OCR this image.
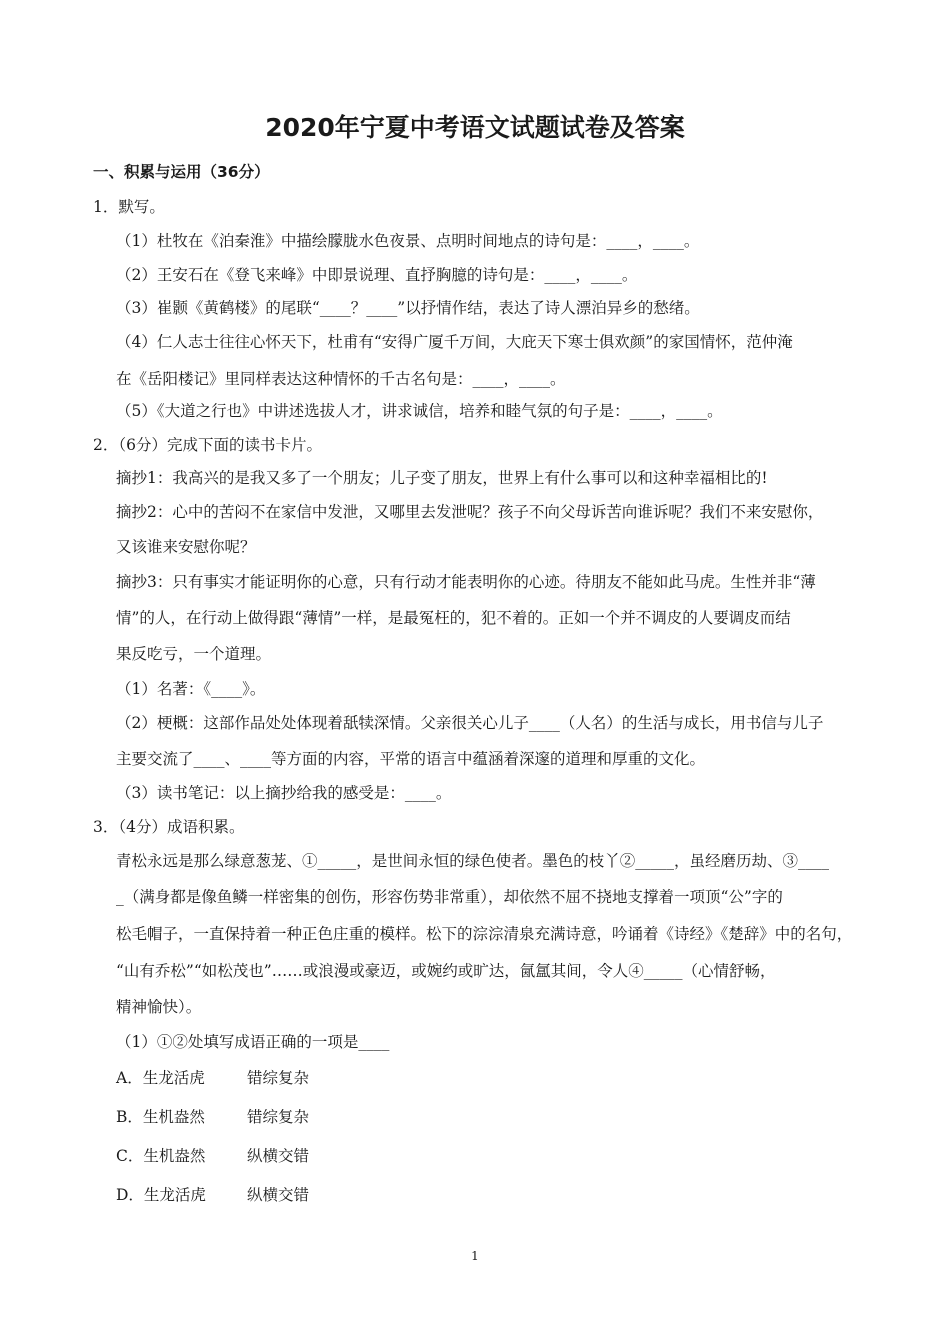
2020年宁夏中考语文试题试卷及答案
一、积累与运用（36分）
1．默写。
（1）杜牧在《泊秦淮》中描绘朦胧水色夜景、点明时间地点的诗句是：____，____。
（2）王安石在《登飞来峰》中即景说理、直抒胸臆的诗句是：____，____。
（3）崔颢《黄鹤楼》的尾联“____？____”以抒情作结，表达了诗人漂泊异乡的愁绪。
（4）仁人志士往往心怀天下，杜甫有“安得广厦千万间，大庇天下寒士俱欢颜”的家国情怀，范仲淹
在《岳阳楼记》里同样表达这种情怀的千古名句是：____，____。
（5）《大道之行也》中讲述选拔人才，讲求诚信，培养和睦气氛的句子是：____，____。
2．（6分）完成下面的读书卡片。
摘抄1：我高兴的是我又多了一个朋友；儿子变了朋友，世界上有什么事可以和这种幸福相比的!
摘抄2：心中的苦闷不在家信中发泄，又哪里去发泄呢？孩子不向父母诉苦向谁诉呢？我们不来安慰你，
又该谁来安慰你呢？
摘抄3：只有事实才能证明你的心意，只有行动才能表明你的心迹。待朋友不能如此马虎。生性并非“薄
情”的人，在行动上做得跟“薄情”一样，是最冤枉的，犯不着的。正如一个并不调皮的人要调皮而结
果反吃亏，一个道理。
（1）名著：《____》。
（2）梗概：这部作品处处体现着舐犊深情。父亲很关心儿子____（人名）的生活与成长，用书信与儿子
主要交流了____、____等方面的内容，平常的语言中蕴涵着深邃的道理和厚重的文化。
（3）读书笔记：以上摘抄给我的感受是：____。
3．（4分）成语积累。
青松永远是那么绿意葱茏、①_____，是世间永恒的绿色使者。墨色的枝丫②_____，虽经磨历劫、③____
_（满身都是像鱼鳞一样密集的创伤，形容伤势非常重），却依然不屈不挠地支撑着一项顶“公”字的
松毛帽子，一直保持着一种正色庄重的模样。松下的淙淙清泉充满诗意，吟诵着《诗经》《楚辞》中的名句，
“山有乔松”“如松茂也”……或浪漫或豪迈，或婉约或旷达，氤氲其间，令人④_____（心情舒畅，
精神愉快）。
（1）①②处填写成语正确的一项是____
A．生龙活虎	错综复杂
B．生机盎然	错综复杂
C．生机盎然	纵横交错
D．生龙活虎	纵横交错
1
